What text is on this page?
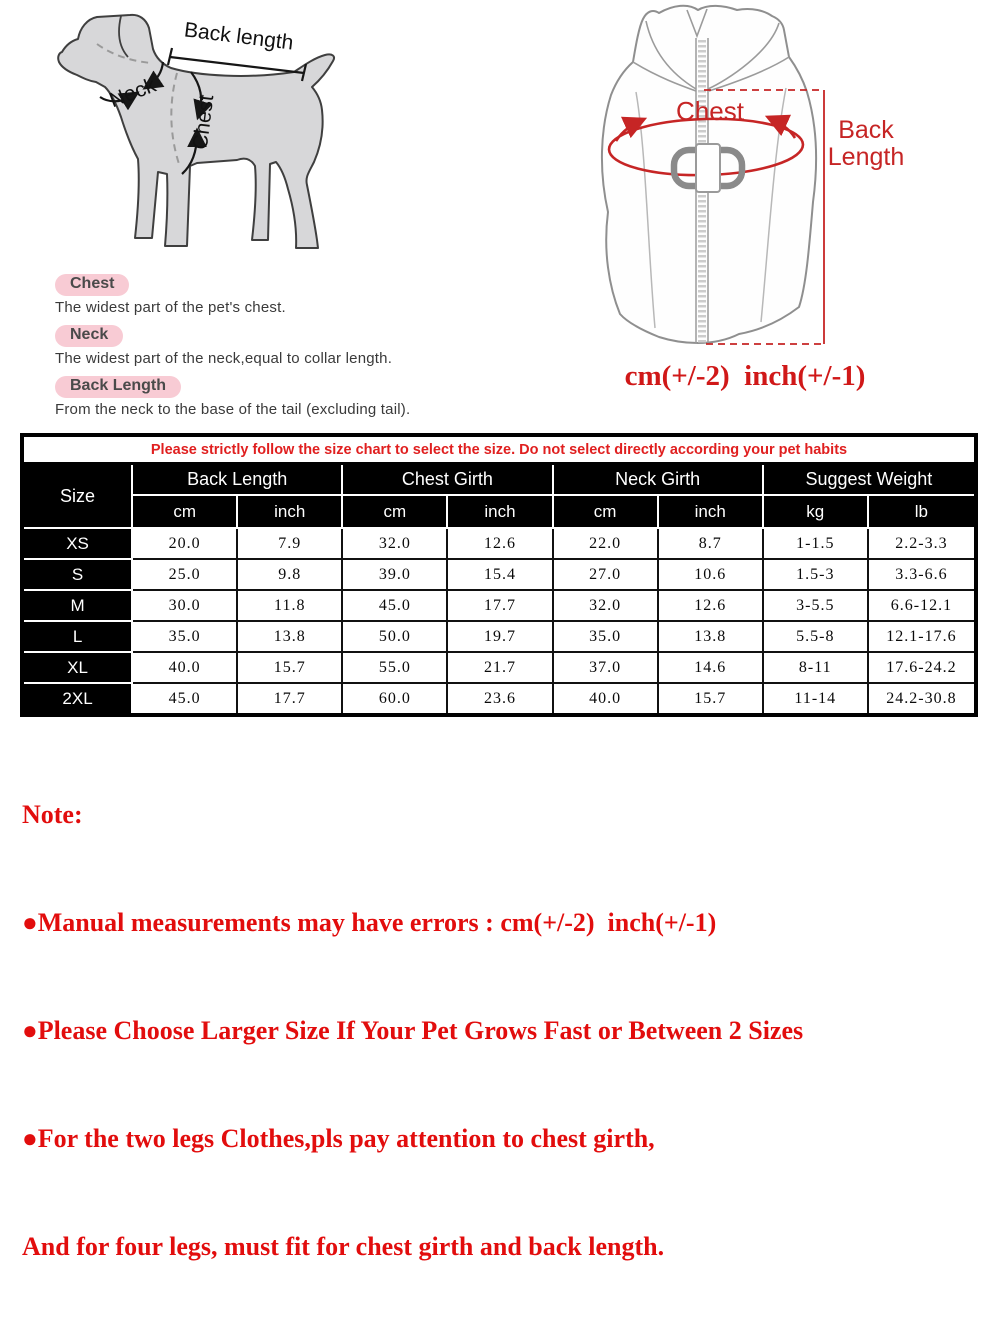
Back length
Neck
Chest	Chest
Back
Length
cm(+/-2)  inch(+/-1)
Chest
The widest part of the pet's chest.
Neck
The widest part of the neck,equal to collar length.
Back Length
From the neck to the base of the tail (excluding tail).
Please strictly follow the size chart to select the size. Do not select directly according your pet habits								
Size	Back Length		Chest Girth		Neck Girth		Suggest Weight	
	cm	inch	cm	inch	cm	inch	kg	lb
XS	20.0	7.9	32.0	12.6	22.0	8.7	1-1.5	2.2-3.3
S	25.0	9.8	39.0	15.4	27.0	10.6	1.5-3	3.3-6.6
M	30.0	11.8	45.0	17.7	32.0	12.6	3-5.5	6.6-12.1
L	35.0	13.8	50.0	19.7	35.0	13.8	5.5-8	12.1-17.6
XL	40.0	15.7	55.0	21.7	37.0	14.6	8-11	17.6-24.2
2XL	45.0	17.7	60.0	23.6	40.0	15.7	11-14	24.2-30.8

Note:

●Manual measurements may have errors : cm(+/-2)  inch(+/-1)

●Please Choose Larger Size If Your Pet Grows Fast or Between 2 Sizes

●For the two legs Clothes,pls pay attention to chest girth,

And for four legs, must fit for chest girth and back length.
